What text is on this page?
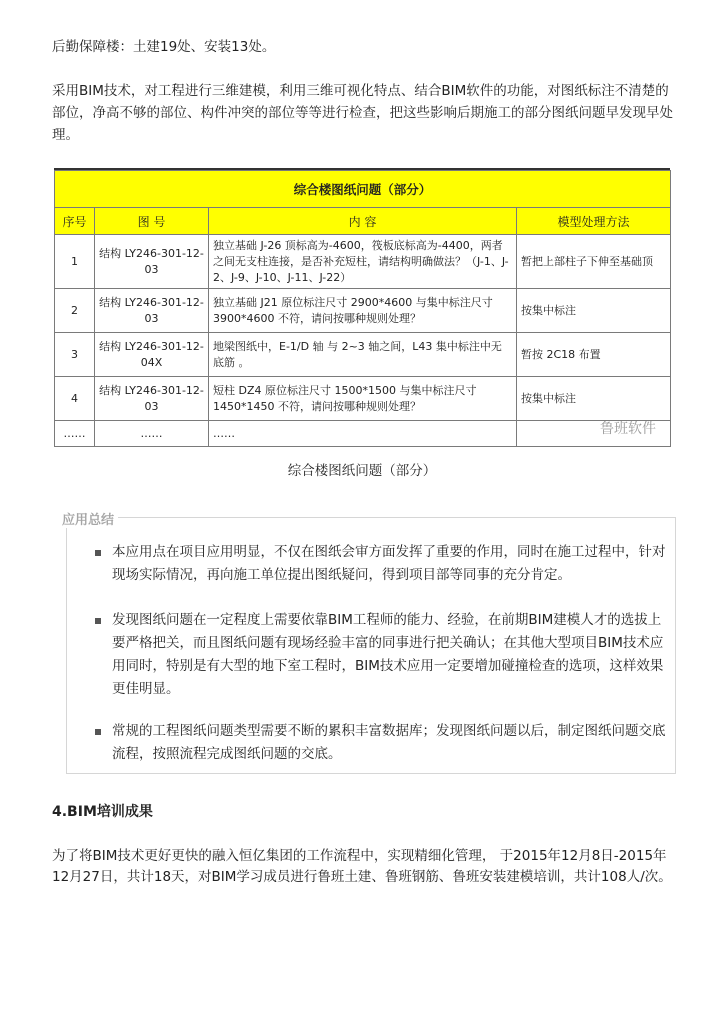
后勤保障楼：土建19处、安装13处。

采用BIM技术，对工程进行三维建模，利用三维可视化特点、结合BIM软件的功能，对图纸标注不清楚的部位，净高不够的部位、构件冲突的部位等等进行检查，把这些影响后期施工的部分图纸问题早发现早处理。

综合楼图纸问题（部分）			
序号	图 号	内 容	模型处理方法
1	结构 LY246-301-12-03	独立基础 J-26 顶标高为-4600，筏板底标高为-4400，两者之间无支柱连接，是否补充短柱，请结构明确做法？（J-1、J-2、J-9、J-10、J-11、J-22）	暂把上部柱子下伸至基础顶
2	结构 LY246-301-12-03	独立基础 J21 原位标注尺寸 2900*4600 与集中标注尺寸 3900*4600 不符，请问按哪种规则处理？	按集中标注
3	结构 LY246-301-12-04X	地梁图纸中，E-1/D 轴 与 2~3 轴之间，L43 集中标注中无底筋 。	暂按 2C18 布置
4	结构 LY246-301-12-03	短柱 DZ4 原位标注尺寸 1500*1500 与集中标注尺寸 1450*1450 不符，请问按哪种规则处理？	按集中标注
……	……	……		鲁班软件
综合楼图纸问题（部分）
应用总结
本应用点在项目应用明显，不仅在图纸会审方面发挥了重要的作用，同时在施工过程中，针对现场实际情况，再向施工单位提出图纸疑问，得到项目部等同事的充分肯定。
发现图纸问题在一定程度上需要依靠BIM工程师的能力、经验，在前期BIM建模人才的选拔上要严格把关，而且图纸问题有现场经验丰富的同事进行把关确认；在其他大型项目BIM技术应用同时，特别是有大型的地下室工程时，BIM技术应用一定要增加碰撞检查的选项，这样效果更佳明显。
常规的工程图纸问题类型需要不断的累积丰富数据库；发现图纸问题以后，制定图纸问题交底流程，按照流程完成图纸问题的交底。
4.BIM培训成果

为了将BIM技术更好更快的融入恒亿集团的工作流程中，实现精细化管理， 于2015年12月8日-2015年12月27日，共计18天，对BIM学习成员进行鲁班土建、鲁班钢筋、鲁班安装建模培训，共计108人/次。
